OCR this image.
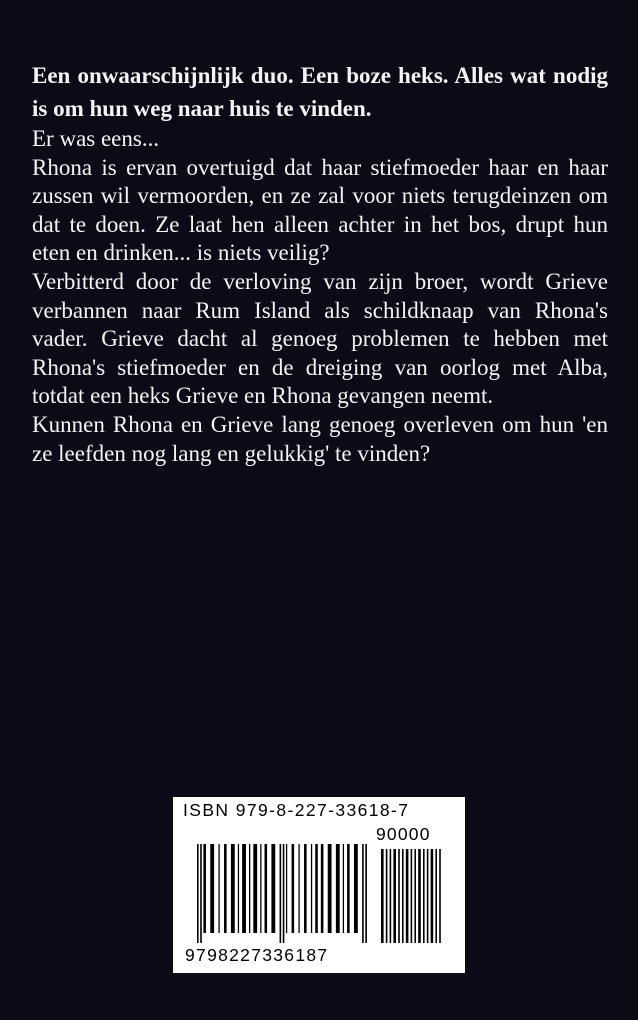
Een onwaarschijnlijk duo. Een boze heks. Alles wat nodig is om hun weg naar huis te vinden.

Er was eens...

Rhona is ervan overtuigd dat haar stiefmoeder haar en haar zussen wil vermoorden, en ze zal voor niets terugdeinzen om dat te doen. Ze laat hen alleen achter in het bos, drupt hun eten en drinken... is niets veilig?

Verbitterd door de verloving van zijn broer, wordt Grieve verbannen naar Rum Island als schildknaap van Rhona's vader. Grieve dacht al genoeg problemen te hebben met Rhona's stiefmoeder en de dreiging van oorlog met Alba, totdat een heks Grieve en Rhona gevangen neemt.

Kunnen Rhona en Grieve lang genoeg overleven om hun 'en ze leefden nog lang en gelukkig' te vinden?

ISBN 979-8-227-33618-7
90000
9798227336187
